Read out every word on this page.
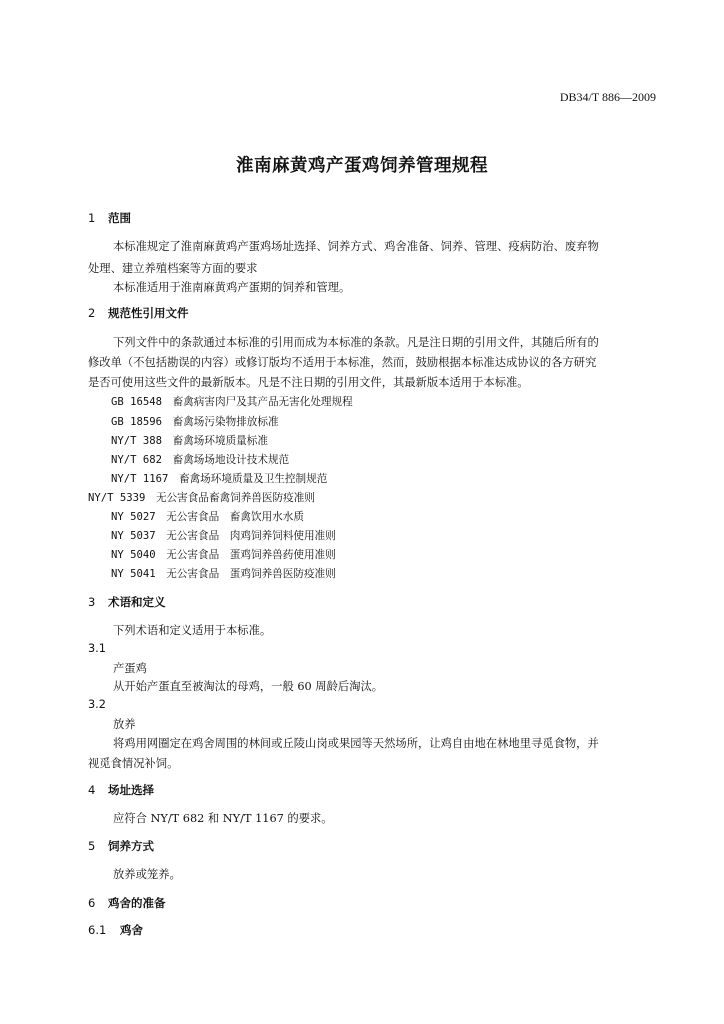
DB34/T 886—2009
淮南麻黄鸡产蛋鸡饲养管理规程
1 范围
本标准规定了淮南麻黄鸡产蛋鸡场址选择、饲养方式、鸡舍准备、饲养、管理、疫病防治、废弃物
处理、建立养殖档案等方面的要求
本标准适用于淮南麻黄鸡产蛋期的饲养和管理。
2 规范性引用文件
下列文件中的条款通过本标准的引用而成为本标准的条款。凡是注日期的引用文件，其随后所有的
修改单（不包括勘误的内容）或修订版均不适用于本标准，然而，鼓励根据本标准达成协议的各方研究
是否可使用这些文件的最新版本。凡是不注日期的引用文件，其最新版本适用于本标准。
GB 16548　畜禽病害肉尸及其产品无害化处理规程
GB 18596　畜禽场污染物排放标准
NY/T 388　畜禽场环境质量标准
NY/T 682　畜禽场场地设计技术规范
NY/T 1167　畜禽场环境质量及卫生控制规范
NY/T 5339　无公害食品畜禽饲养兽医防疫准则
NY 5027　无公害食品　畜禽饮用水水质
NY 5037　无公害食品　肉鸡饲养饲料使用准则
NY 5040　无公害食品　蛋鸡饲养兽药使用准则
NY 5041　无公害食品　蛋鸡饲养兽医防疫准则
3 术语和定义
下列术语和定义适用于本标准。
3.1
产蛋鸡
从开始产蛋直至被淘汰的母鸡，一般 60 周龄后淘汰。
3.2
放养
将鸡用网圈定在鸡舍周围的林间或丘陵山岗或果园等天然场所，让鸡自由地在林地里寻觅食物，并
视觅食情况补饲。
4 场址选择
应符合 NY/T 682 和 NY/T 1167 的要求。
5 饲养方式
放养或笼养。
6 鸡舍的准备
6.1 鸡舍
